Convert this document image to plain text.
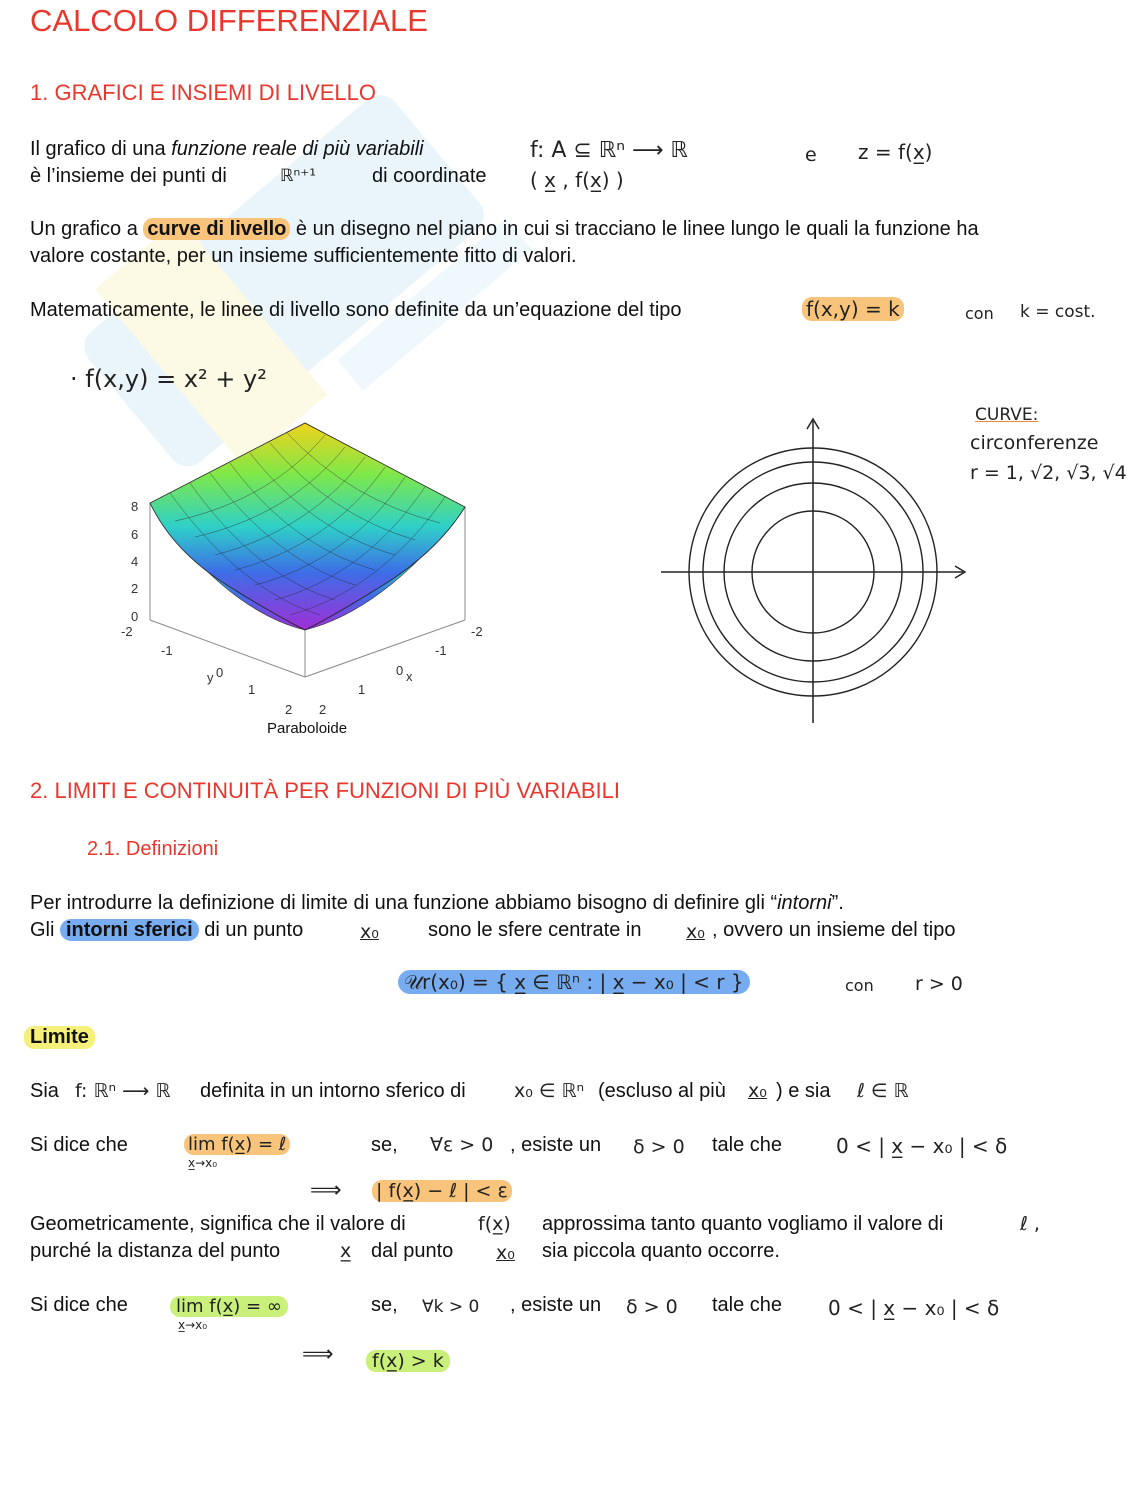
CALCOLO DIFFERENZIALE
1. GRAFICI E INSIEMI DI LIVELLO
Il grafico di una funzione reale di più variabili
è l’insieme dei punti di	ℝⁿ⁺¹	di coordinate
f: A ⊆ ℝⁿ ⟶ ℝ	e z = f(x̲)
( x̲ , f(x̲) )
Un grafico a curve di livello è un disegno nel piano in cui si tracciano le linee lungo le quali la funzione ha
valore costante, per un insieme sufficientemente fitto di valori.
Matematicamente, le linee di livello sono definite da un’equazione del tipo	f(x,y) = k	con k = cost.
· f(x,y) = x² + y²
8
6
4
2
0
-2
-1
y 0
1
2
-2
-1
0 x
1
2
Paraboloide
CURVE:
circonferenze
r = 1, √2, √3, √4
2. LIMITI E CONTINUITÀ PER FUNZIONI DI PIÙ VARIABILI
2.1. Definizioni
Per introdurre la definizione di limite di una funzione abbiamo bisogno di definire gli “intorni”.
Gli intorni sferici di un punto	x₀ sono le sfere centrate in x₀ , ovvero un insieme del tipo
𝒰r(x₀) = { x̲ ∈ ℝⁿ : | x̲ − x₀ | < r }	con r > 0
Limite
Sia f: ℝⁿ ⟶ ℝ definita in un intorno sferico di	x₀ ∈ ℝⁿ (escluso al più x₀ ) e sia ℓ ∈ ℝ
Si dice che	lim f(x̲) = ℓ
x̲→x₀
se, ∀ε > 0 , esiste un δ > 0 tale che	0 < | x̲ − x₀ | < δ
⟹ | f(x̲) − ℓ | < ε
Geometricamente, significa che il valore di	f(x̲) approssima tanto quanto vogliamo il valore di	ℓ ,
purché la distanza del punto	x̲ dal punto x₀ sia piccola quanto occorre.
Si dice che	lim f(x̲) = ∞
x̲→x₀
se, ∀k > 0 , esiste un δ > 0 tale che 0 < | x̲ − x₀ | < δ
⟹	f(x̲) > k
